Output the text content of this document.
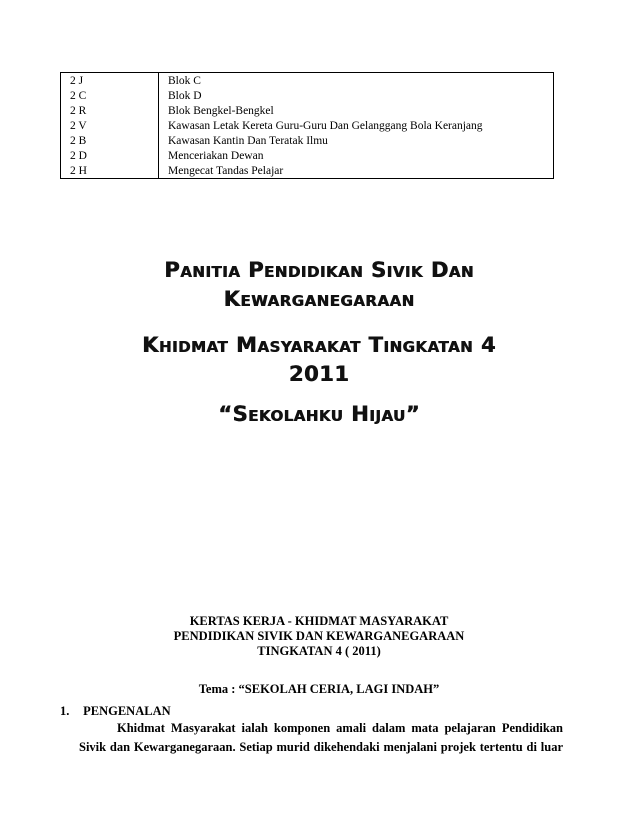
2 J	Blok C
2 C	Blok D
2 R	Blok Bengkel-Bengkel
2 V	Kawasan Letak Kereta Guru-Guru Dan Gelanggang Bola Keranjang
2 B	Kawasan Kantin Dan Teratak Ilmu
2 D	Menceriakan Dewan
2 H	Mengecat Tandas Pelajar
Panitia Pendidikan Sivik Dan
Kewarganegaraan
Khidmat Masyarakat Tingkatan 4
2011
“Sekolahku Hijau”
KERTAS KERJA - KHIDMAT MASYARAKAT
PENDIDIKAN SIVIK DAN KEWARGANEGARAAN
TINGKATAN 4 ( 2011)
Tema : “SEKOLAH CERIA, LAGI INDAH”
1. PENGENALAN
Khidmat Masyarakat ialah komponen amali dalam mata pelajaran Pendidikan
Sivik dan Kewarganegaraan. Setiap murid dikehendaki menjalani projek tertentu di luar
